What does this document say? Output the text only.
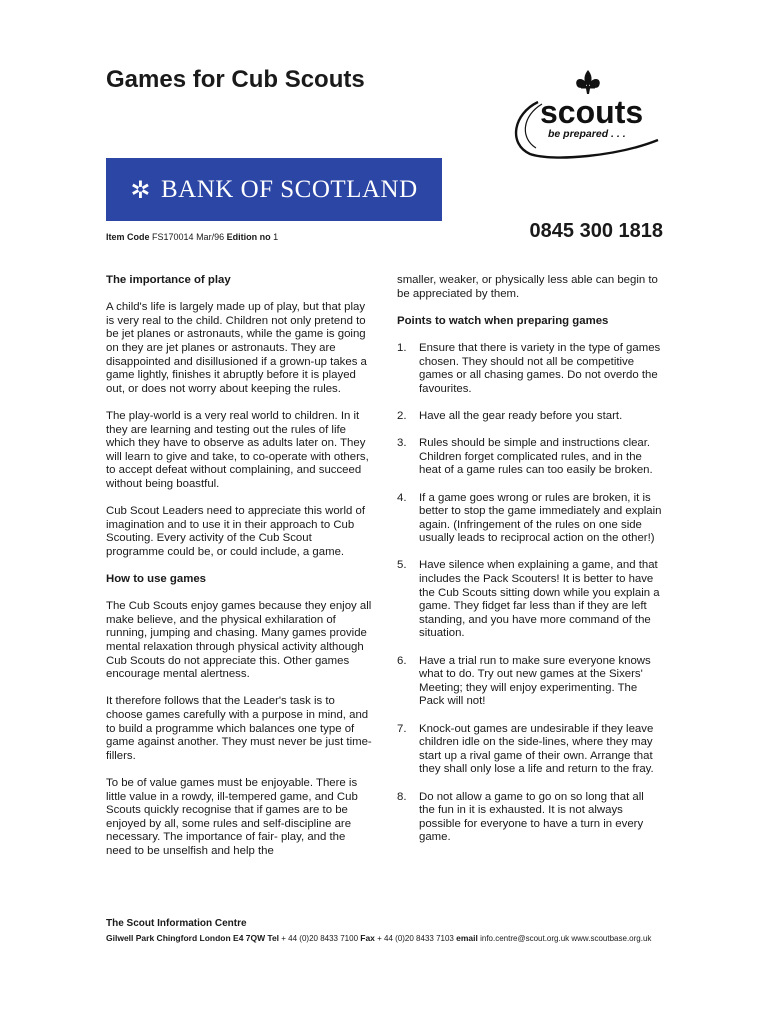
Games for Cub Scouts
scouts
be prepared . . .
✲ BANK OF SCOTLAND
Item Code FS170014 Mar/96 Edition no 1	0845 300 1818
The importance of play

A child's life is largely made up of play, but that play is very real to the child. Children not only pretend to be jet planes or astronauts, while the game is going on they are jet planes or astronauts. They are disappointed and disillusioned if a grown-up takes a game lightly, finishes it abruptly before it is played out, or does not worry about keeping the rules.

The play-world is a very real world to children. In it they are learning and testing out the rules of life which they have to observe as adults later on. They will learn to give and take, to co-operate with others, to accept defeat without complaining, and succeed without being boastful.

Cub Scout Leaders need to appreciate this world of imagination and to use it in their approach to Cub Scouting. Every activity of the Cub Scout programme could be, or could include, a game.

How to use games

The Cub Scouts enjoy games because they enjoy all make believe, and the physical exhilaration of running, jumping and chasing. Many games provide mental relaxation through physical activity although Cub Scouts do not appreciate this. Other games encourage mental alertness.

It therefore follows that the Leader's task is to choose games carefully with a purpose in mind, and to build a programme which balances one type of game against another. They must never be just time-fillers.

To be of value games must be enjoyable. There is little value in a rowdy, ill-tempered game, and Cub Scouts quickly recognise that if games are to be enjoyed by all, some rules and self-discipline are necessary. The importance of fair- play, and the need to be unselfish and help the

smaller, weaker, or physically less able can begin to be appreciated by them.

Points to watch when preparing games
1.	Ensure that there is variety in the type of games chosen. They should not all be competitive games or all chasing games. Do not overdo the favourites.
2.	Have all the gear ready before you start.
3.	Rules should be simple and instructions clear. Children forget complicated rules, and in the heat of a game rules can too easily be broken.
4.	If a game goes wrong or rules are broken, it is better to stop the game immediately and explain again. (Infringement of the rules on one side usually leads to reciprocal action on the other!)
5.	Have silence when explaining a game, and that includes the Pack Scouters! It is better to have the Cub Scouts sitting down while you explain a game. They fidget far less than if they are left standing, and you have more command of the situation.
6.	Have a trial run to make sure everyone knows what to do. Try out new games at the Sixers' Meeting; they will enjoy experimenting. The Pack will not!
7.	Knock-out games are undesirable if they leave children idle on the side-lines, where they may start up a rival game of their own. Arrange that they shall only lose a life and return to the fray.
8.	Do not allow a game to go on so long that all the fun in it is exhausted. It is not always possible for everyone to have a turn in every game.
The Scout Information Centre
Gilwell Park Chingford London E4 7QW Tel + 44 (0)20 8433 7100 Fax + 44 (0)20 8433 7103 email info.centre@scout.org.uk www.scoutbase.org.uk
